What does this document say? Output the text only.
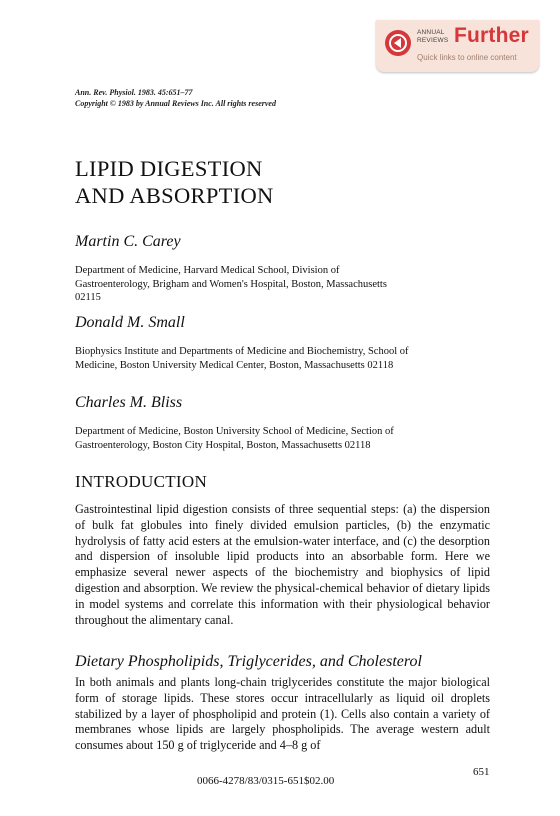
ANNUAL
REVIEWS Further
Quick links to online content
Ann. Rev. Physiol. 1983. 45:651–77
Copyright © 1983 by Annual Reviews Inc. All rights reserved
LIPID DIGESTION
AND ABSORPTION
Martin C. Carey
Department of Medicine, Harvard Medical School, Division of
Gastroenterology, Brigham and Women's Hospital, Boston, Massachusetts
02115
Donald M. Small
Biophysics Institute and Departments of Medicine and Biochemistry, School of
Medicine, Boston University Medical Center, Boston, Massachusetts 02118
Charles M. Bliss
Department of Medicine, Boston University School of Medicine, Section of
Gastroenterology, Boston City Hospital, Boston, Massachusetts 02118
INTRODUCTION
Gastrointestinal lipid digestion consists of three sequential steps: (a) the dispersion of bulk fat globules into finely divided emulsion particles, (b) the enzymatic hydrolysis of fatty acid esters at the emulsion-water interface, and (c) the desorption and dispersion of insoluble lipid products into an absorbable form. Here we emphasize several newer aspects of the biochemistry and biophysics of lipid digestion and absorption. We review the physical-chemical behavior of dietary lipids in model systems and correlate this information with their physiological behavior throughout the alimentary canal.
Dietary Phospholipids, Triglycerides, and Cholesterol
In both animals and plants long-chain triglycerides constitute the major biological form of storage lipids. These stores occur intracellularly as liquid oil droplets stabilized by a layer of phospholipid and protein (1). Cells also contain a variety of membranes whose lipids are largely phospholipids. The average western adult consumes about 150 g of triglyceride and 4–8 g of
651
0066-4278/83/0315-651$02.00
